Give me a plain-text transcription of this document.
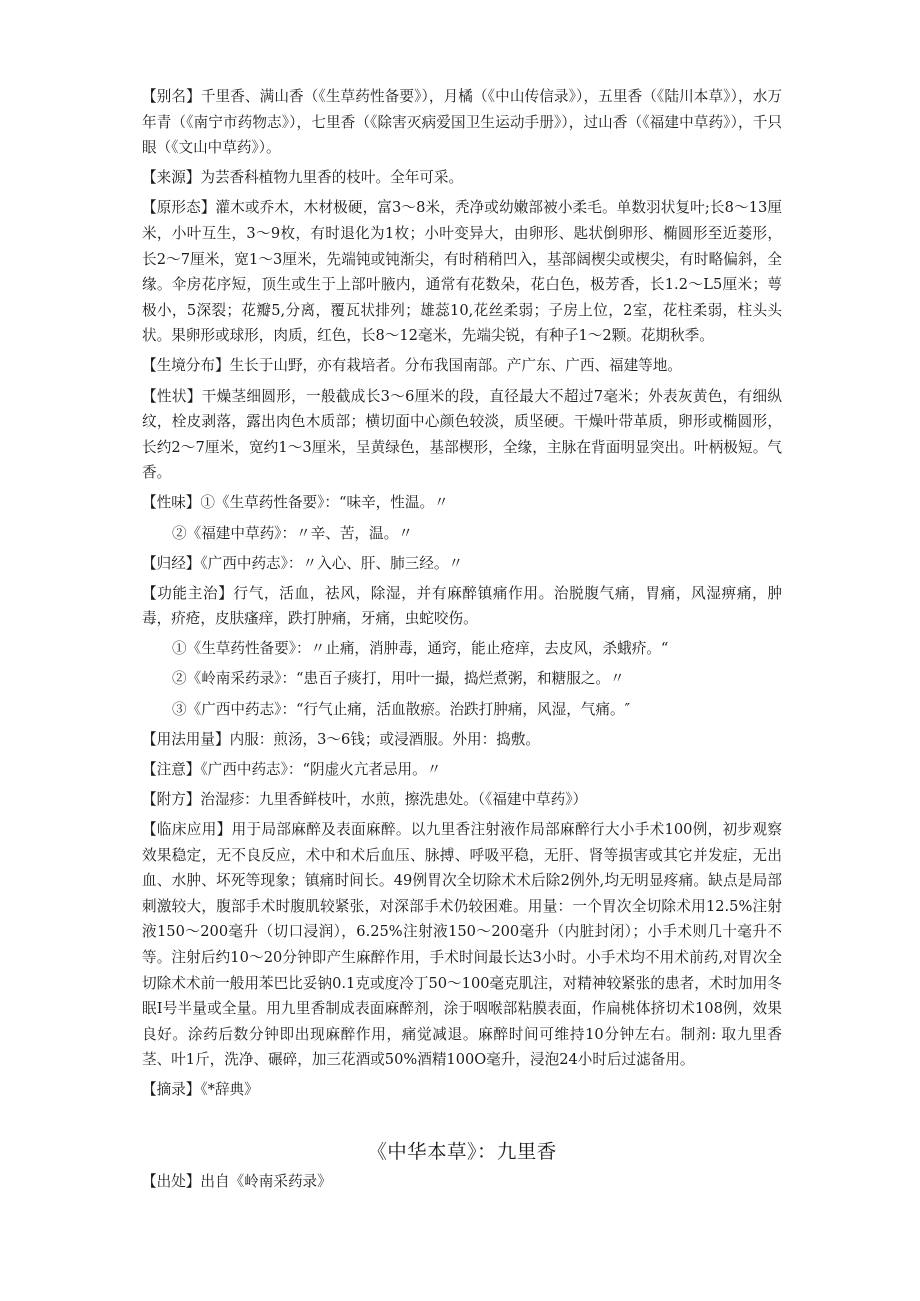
【别名】千里香、满山香（《生草药性备要》），月橘（《中山传信录》），五里香（《陆川本草》），水万年青（《南宁市药物志》），七里香（《除害灭病爱国卫生运动手册》），过山香（《福建中草药》），千只眼（《文山中草药》）。

【来源】为芸香科植物九里香的枝叶。全年可采。

【原形态】灌木或乔木，木材极硬，富3～8米，秃净或幼嫩部被小柔毛。单数羽状复叶;长8～13厘米，小叶互生，3～9枚，有时退化为1枚；小叶变异大，由卵形、匙状倒卵形、椭圆形至近菱形，长2～7厘米，宽1～3厘米，先端钝或钝渐尖，有时稍稍凹入，基部阔楔尖或楔尖，有时略偏斜，全缘。伞房花序短，顶生或生于上部叶腋内，通常有花数朵，花白色，极芳香，长1.2～L5厘米；萼极小，5深裂；花瓣5,分离，覆瓦状排列；雄蕊10,花丝柔弱；子房上位，2室，花柱柔弱，柱头头状。果卵形或球形，肉质，红色，长8～12毫米，先端尖锐，有种子1～2颗。花期秋季。

【生境分布】生长于山野，亦有栽培者。分布我国南部。产广东、广西、福建等地。

【性状】干燥茎细圆形，一般截成长3～6厘米的段，直径最大不超过7毫米；外表灰黄色，有细纵纹，栓皮剥落，露出肉色木质部；横切面中心颜色较淡，质坚硬。干燥叶带革质，卵形或椭圆形，长约2～7厘米，宽约1～3厘米，呈黄绿色，基部楔形，全缘，主脉在背面明显突出。叶柄极短。气香。

【性味】①《生草药性备要》：“味辛，性温。〃

②《福建中草药》：〃辛、苦，温。〃

【归经】《广西中药志》：〃入心、肝、肺三经。〃

【功能主治】行气，活血，祛风，除湿，并有麻醉镇痛作用。治脱腹气痛，胃痛，风湿痹痛，肿毒，疥疮，皮肤瘙痒，跌打肿痛，牙痛，虫蛇咬伤。

①《生草药性备要》：〃止痛，消肿毒，通窍，能止疮痒，去皮风，杀蛾疥。“

②《岭南采药录》：“患百子痰打，用叶一撮，捣烂煮粥，和糖服之。〃

③《广西中药志》：“行气止痛，活血散瘀。治跌打肿痛，风湿，气痛。″

【用法用量】内服：煎汤，3～6钱；或浸酒服。外用：捣敷。

【注意】《广西中药志》：“阴虚火亢者忌用。〃

【附方】治湿疹：九里香鲜枝叶，水煎，擦洗患处。（《福建中草药》）

【临床应用】用于局部麻醉及表面麻醉。以九里香注射液作局部麻醉行大小手术100例，初步观察效果稳定，无不良反应，术中和术后血压、脉搏、呼吸平稳，无肝、肾等损害或其它并发症，无出血、水肿、坏死等现象；镇痛时间长。49例胃次全切除术术后除2例外,均无明显疼痛。缺点是局部刺激较大，腹部手术时腹肌较紧张，对深部手术仍较困难。用量：一个胃次全切除术用12.5%注射液150～200毫升（切口浸润），6.25%注射液150～200毫升（内脏封闭）；小手术则几十毫升不等。注射后约10～20分钟即产生麻醉作用，手术时间最长达3小时。小手术均不用术前药,对胃次全切除术术前一般用苯巴比妥钠0.1克或度冷丁50～100毫克肌注，对精神较紧张的患者，术时加用冬眠I号半量或全量。用九里香制成表面麻醉剂，涂于咽喉部粘膜表面，作扁桃体挤切术108例，效果良好。涂药后数分钟即出现麻醉作用，痛觉减退。麻醉时间可维持10分钟左右。制剂: 取九里香茎、叶1斤，洗净、碾碎，加三花酒或50%酒精100O毫升，浸泡24小时后过滤备用。

【摘录】《*辞典》

《中华本草》：九里香

【出处】出自《岭南采药录》
